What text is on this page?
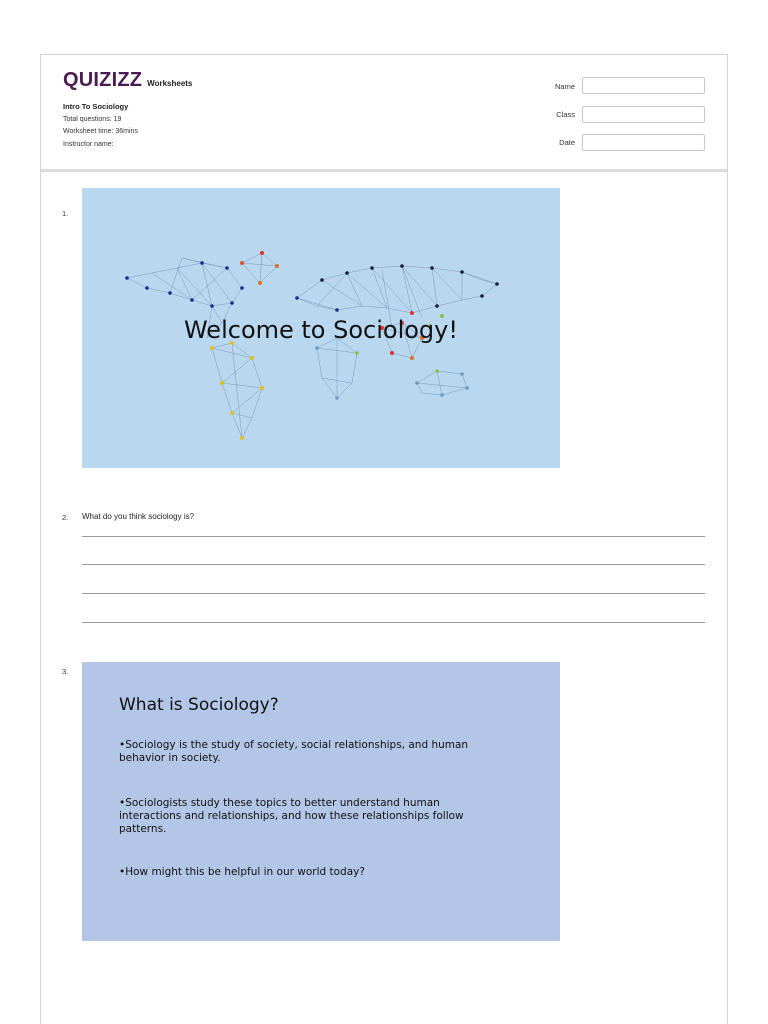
QUIZIZZ Worksheets
Intro To Sociology
Total questions: 19
Worksheet time: 36mins
Instructor name:
Name
Class
Date
1.
Welcome to Sociology!
2. What do you think sociology is?
3.
What is Sociology?
•Sociology is the study of society, social relationships, and human behavior in society.
•Sociologists study these topics to better understand human interactions and relationships, and how these relationships follow patterns.
•How might this be helpful in our world today?
